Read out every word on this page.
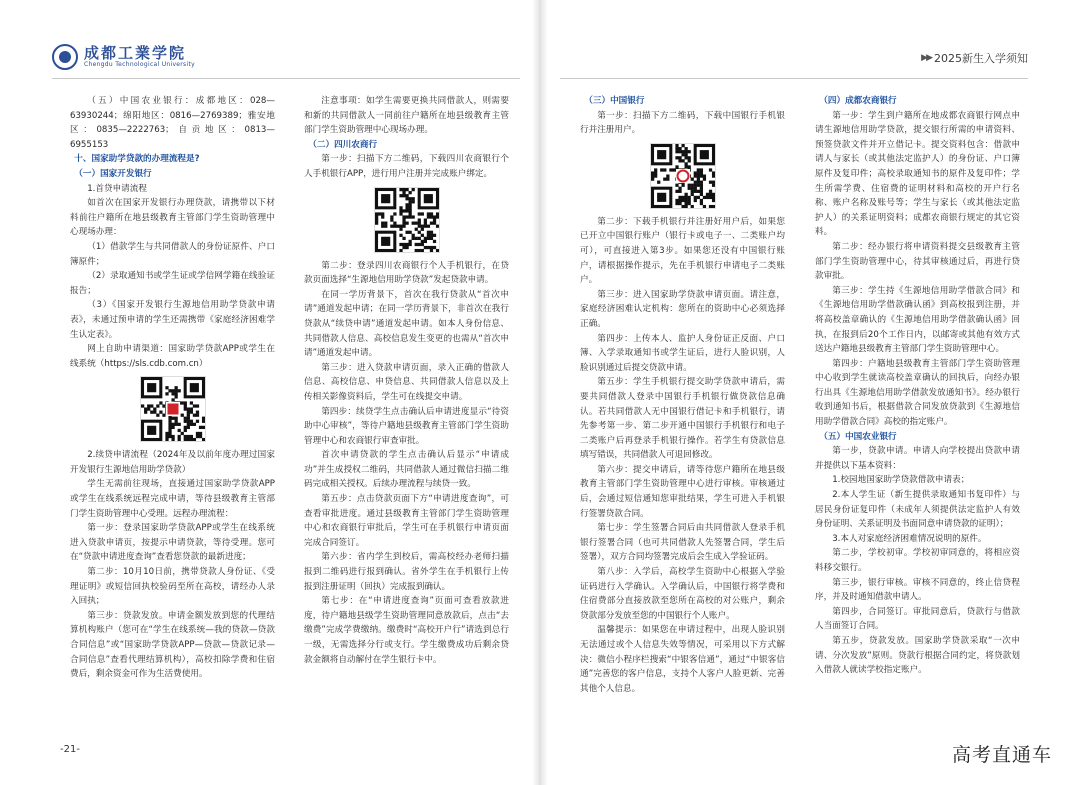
成都工業学院
Chengdu Technological University

（五）中国农业银行：成都地区：028—63930244；绵阳地区：0816—2769389；雅安地区：0835—2222763；自贡地区：0813—6955153

十、国家助学贷款的办理流程是?

（一）国家开发银行

1.首贷申请流程

如首次在国家开发银行办理贷款，请携带以下材料前往户籍所在地县级教育主管部门学生资助管理中心现场办理：

（1）借款学生与共同借款人的身份证原件、户口簿原件；

（2）录取通知书或学生证或学信网学籍在线验证报告；

（3）《国家开发银行生源地信用助学贷款申请表》，未通过预申请的学生还需携带《家庭经济困难学生认定表》。

网上自助申请渠道：国家助学贷款APP或学生在线系统（https://sls.cdb.com.cn）

2.续贷申请流程（2024年及以前年度办理过国家开发银行生源地信用助学贷款）

学生无需前往现场，直接通过国家助学贷款APP或学生在线系统远程完成申请，等待县级教育主管部门学生资助管理中心受理。远程办理流程：

第一步：登录国家助学贷款APP或学生在线系统进入贷款申请页，按提示申请贷款，等待受理。您可在“贷款申请进度查询”查看您贷款的最新进度；

第二步：10月10日前，携带贷款人身份证、《受理证明》或短信回执校验码至所在高校，请经办人录入回执；

第三步：贷款发放。申请金额发放到您的代理结算机构账户（您可在“学生在线系统—我的贷款—贷款合同信息”或“国家助学贷款APP—贷款—贷款记录—合同信息”查看代理结算机构），高校扣除学费和住宿费后，剩余资金可作为生活费使用。

注意事项：如学生需要更换共同借款人，则需要和新的共同借款人一同前往户籍所在地县级教育主管部门学生资助管理中心现场办理。

（二）四川农商行

第一步：扫描下方二维码，下载四川农商银行个人手机银行APP，进行用户注册并完成账户绑定。

第二步：登录四川农商银行个人手机银行，在贷款页面选择“生源地信用助学贷款”发起贷款申请。

在同一学历背景下，首次在我行贷款从“首次申请”通道发起申请；在同一学历背景下，非首次在我行贷款从“续贷申请”通道发起申请。如本人身份信息、共同借款人信息、高校信息发生变更的也需从“首次申请”通道发起申请。

第三步：进入贷款申请页面，录入正确的借款人信息、高校信息、申贷信息、共同借款人信息以及上传相关影像资料后，学生可在线提交申请。

第四步：续贷学生点击确认后申请进度显示“待资助中心审核”，等待户籍地县级教育主管部门学生资助管理中心和农商银行审查审批。

首次申请贷款的学生点击确认后显示“申请成功”并生成授权二维码，共同借款人通过微信扫描二维码完成相关授权。后续办理流程与续贷一致。

第五步：点击贷款页面下方“申请进度查询”，可查看审批进度。通过县级教育主管部门学生资助管理中心和农商银行审批后，学生可在手机银行申请页面完成合同签订。

第六步：省内学生到校后，需高校经办老师扫描报到二维码进行报到确认。省外学生在手机银行上传报到注册证明（回执）完成报到确认。

第七步：在“申请进度查询”页面可查看放款进度，待户籍地县级学生资助管理同意放款后，点击“去缴费”完成学费缴纳。缴费时“高校开户行”请选到总行一级，无需选择分行或支行。学生缴费成功后剩余贷款金额将自动解付在学生银行卡中。

-21-
▶▶ 2025新生入学须知
高考直通车

（三）中国银行

第一步：扫描下方二维码，下载中国银行手机银行并注册用户。

第二步：下载手机银行并注册好用户后，如果您已开立中国银行账户（银行卡或电子一、二类账户均可），可直接进入第3步。如果您还没有中国银行账户，请根据操作提示，先在手机银行申请电子二类账户。

第三步：进入国家助学贷款申请页面。请注意，家庭经济困难认定机构：您所在的资助中心必须选择正确。

第四步：上传本人、监护人身份证正反面、户口簿、入学录取通知书或学生证后，进行人脸识别，人脸识别通过后提交贷款申请。

第五步：学生手机银行提交助学贷款申请后，需要共同借款人登录中国银行手机银行做贷款信息确认。若共同借款人无中国银行借记卡和手机银行，请先参考第一步、第二步开通中国银行手机银行和电子二类账户后再登录手机银行操作。若学生有贷款信息填写错误，共同借款人可退回修改。

第六步：提交申请后，请等待您户籍所在地县级教育主管部门学生资助管理中心进行审核。审核通过后，会通过短信通知您审批结果，学生可进入手机银行签署贷款合同。

第七步：学生签署合同后由共同借款人登录手机银行签署合同（也可共同借款人先签署合同，学生后签署），双方合同均签署完成后会生成入学验证码。

第八步：入学后，高校学生资助中心根据入学验证码进行入学确认。入学确认后，中国银行将学费和住宿费部分直接放款至您所在高校的对公账户，剩余贷款部分发放至您的中国银行个人账户。

温馨提示：如果您在申请过程中，出现人脸识别无法通过或个人信息失效等情况，可采用以下方式解决：微信小程序栏搜索“中银客信通”，通过“中银客信通”完善您的客户信息，支持个人客户人脸更新、完善其他个人信息。

（四）成都农商银行

第一步：学生到户籍所在地成都农商银行网点申请生源地信用助学贷款，提交银行所需的申请资料、预签贷款文件并开立借记卡。提交资料包含：借款申请人与家长（或其他法定监护人）的身份证、户口簿原件及复印件；高校录取通知书的原件及复印件；学生所需学费、住宿费的证明材料和高校的开户行名称、账户名称及账号等；学生与家长（或其他法定监护人）的关系证明资料；成都农商银行规定的其它资料。

第二步：经办银行将申请资料提交县级教育主管部门学生资助管理中心，待其审核通过后，再进行贷款审批。

第三步：学生持《生源地信用助学借款合同》和《生源地信用助学借款确认函》到高校报到注册，并将高校盖章确认的《生源地信用助学借款确认函》回执，在报到后20个工作日内，以邮寄或其他有效方式送达户籍地县级教育主管部门学生资助管理中心。

第四步：户籍地县级教育主管部门学生资助管理中心收到学生就读高校盖章确认的回执后，向经办银行出具《生源地信用助学借款发放通知书》。经办银行收到通知书后，根据借款合同发放贷款到《生源地信用助学借款合同》高校的指定账户。

（五）中国农业银行

第一步，贷款申请。申请人向学校提出贷款申请并提供以下基本资料：

1.校园地国家助学贷款借款申请表；

2.本人学生证（新生提供录取通知书复印件）与居民身份证复印件（未成年人须提供法定监护人有效身份证明、关系证明及书面同意申请贷款的证明）；

3.本人对家庭经济困难情况说明的原件。

第二步，学校初审。学校初审同意的，将相应资料移交银行。

第三步，银行审核。审核不同意的，终止信贷程序，并及时通知借款申请人。

第四步，合同签订。审批同意后，贷款行与借款人当面签订合同。

第五步，贷款发放。国家助学贷款采取“一次申请、分次发放”原则。贷款行根据合同约定，将贷款划入借款人就读学校指定账户。
